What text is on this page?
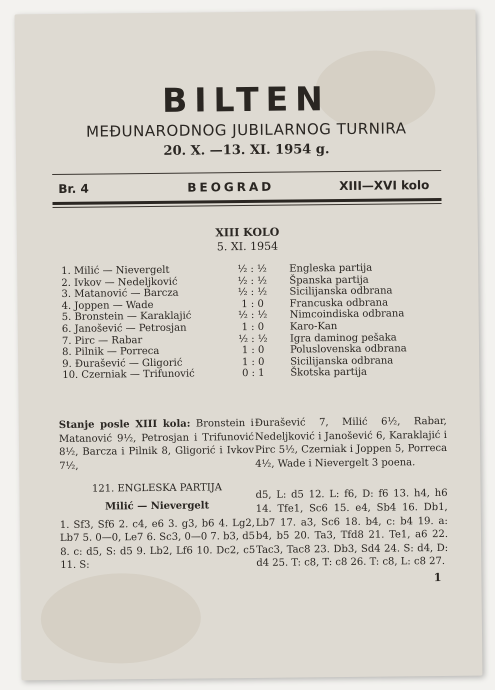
BILTEN
MEĐUNARODNOG JUBILARNOG TURNIRA
20. X. —13. XI. 1954 g.
Br. 4	BEOGRAD	XIII—XVI kolo
XIII KOLO
5. XI. 1954
1. Milić — Nievergelt	½ : ½	Engleska partija
2. Ivkov — Nedeljković	½ : ½	Španska partija
3. Matanović — Barcza	½ : ½	Sicilijanska odbrana
4. Joppen — Wade	1 : 0	Francuska odbrana
5. Bronstein — Karaklajić	½ : ½	Nimcoindiska odbrana
6. Janošević — Petrosjan	1 : 0	Karo-Kan
7. Pirc — Rabar	½ : ½	Igra daminog pešaka
8. Pilnik — Porreca	1 : 0	Poluslovenska odbrana
9. Đurašević — Gligorić	1 : 0	Sicilijanska odbrana
10. Czerniak — Trifunović	0 : 1	Škotska partija
Stanje posle XIII kola: Bronstein i Matanović 9½, Petrosjan i Trifunović 8½, Barcza i Pilnik 8, Gligorić i Ivkov 7½,
121. ENGLESKA PARTIJA
Milić — Nievergelt
1. Sf3, Sf6 2. c4, e6 3. g3, b6 4. Lg2, Lb7 5. 0—0, Le7 6. Sc3, 0—0 7. b3, d5 8. c: d5, S: d5 9. Lb2, Lf6 10. Dc2, c5 11. S:
Đurašević 7, Milić 6½, Rabar, Nedeljković i Janošević 6, Karaklajić i Pirc 5½, Czerniak i Joppen 5, Porreca 4½, Wade i Nievergelt 3 poena.
d5, L: d5 12. L: f6, D: f6 13. h4, h6 14. Tfe1, Sc6 15. e4, Sb4 16. Db1, Lb7 17. a3, Sc6 18. b4, c: b4 19. a: b4, b5 20. Ta3, Tfd8 21. Te1, a6 22. Tac3, Tac8 23. Db3, Sd4 24. S: d4, D: d4 25. T: c8, T: c8 26. T: c8, L: c8 27.
1
